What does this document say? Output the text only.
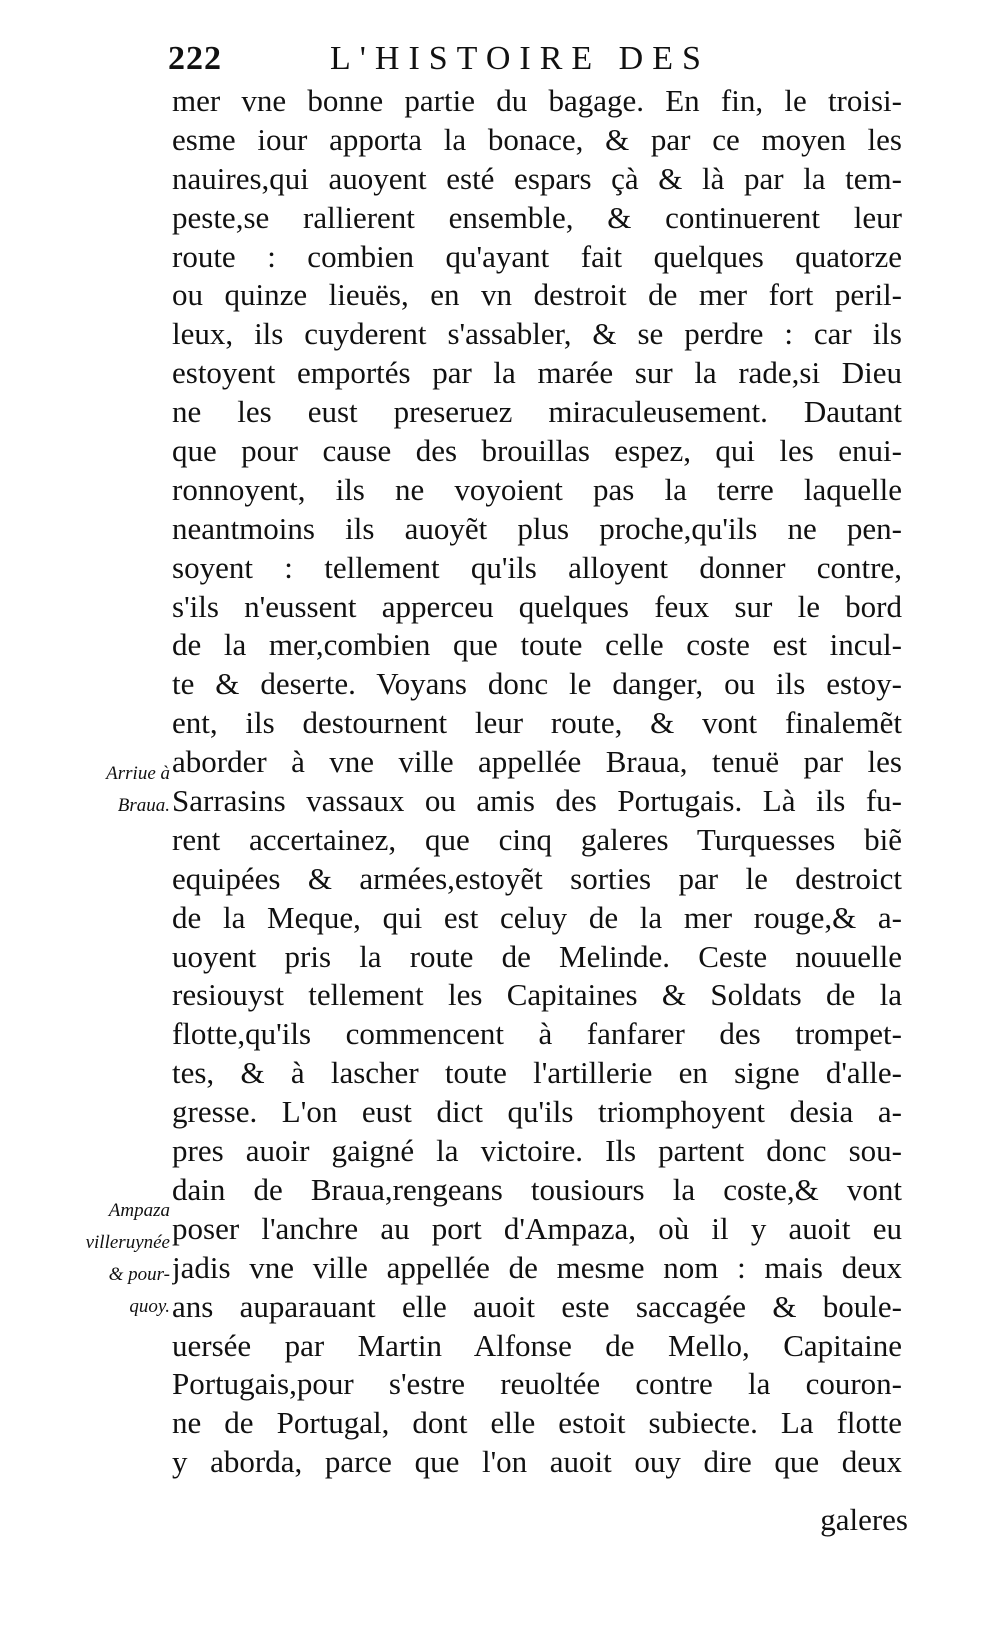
222	L'HISTOIRE DES
mer vne bonne partie du bagage. En fin, le troisi-
esme iour apporta la bonace, & par ce moyen les
nauires,qui auoyent esté espars çà & là par la tem-
peste,se rallierent ensemble, & continuerent leur
route : combien qu'ayant fait quelques quatorze
ou quinze lieuës, en vn destroit de mer fort peril-
leux, ils cuyderent s'assabler, & se perdre : car ils
estoyent emportés par la marée sur la rade,si Dieu
ne les eust preseruez miraculeusement. Dautant
que pour cause des brouillas espez, qui les enui-
ronnoyent, ils ne voyoient pas la terre laquelle
neantmoins ils auoyẽt plus proche,qu'ils ne pen-
soyent : tellement qu'ils alloyent donner contre,
s'ils n'eussent apperceu quelques feux sur le bord
de la mer,combien que toute celle coste est incul-
te & deserte. Voyans donc le danger, ou ils estoy-
ent, ils destournent leur route, & vont finalemẽt
aborder à vne ville appellée Braua, tenuë par les
Sarrasins vassaux ou amis des Portugais. Là ils fu-
rent accertainez, que cinq galeres Turquesses biẽ
equipées & armées,estoyẽt sorties par le destroict
de la Meque, qui est celuy de la mer rouge,& a-
uoyent pris la route de Melinde. Ceste nouuelle
resiouyst tellement les Capitaines & Soldats de la
flotte,qu'ils commencent à fanfarer des trompet-
tes, & à lascher toute l'artillerie en signe d'alle-
gresse. L'on eust dict qu'ils triomphoyent desia a-
pres auoir gaigné la victoire. Ils partent donc sou-
dain de Braua,rengeans tousiours la coste,& vont
poser l'anchre au port d'Ampaza, où il y auoit eu
jadis vne ville appellée de mesme nom : mais deux
ans auparauant elle auoit este saccagée & boule-
uersée par Martin Alfonse de Mello, Capitaine
Portugais,pour s'estre reuoltée contre la couron-
ne de Portugal, dont elle estoit subiecte. La flotte
y aborda, parce que l'on auoit ouy dire que deux
Arriue à
Braua.
Ampaza
villeruynée
& pour-
quoy.
galeres
